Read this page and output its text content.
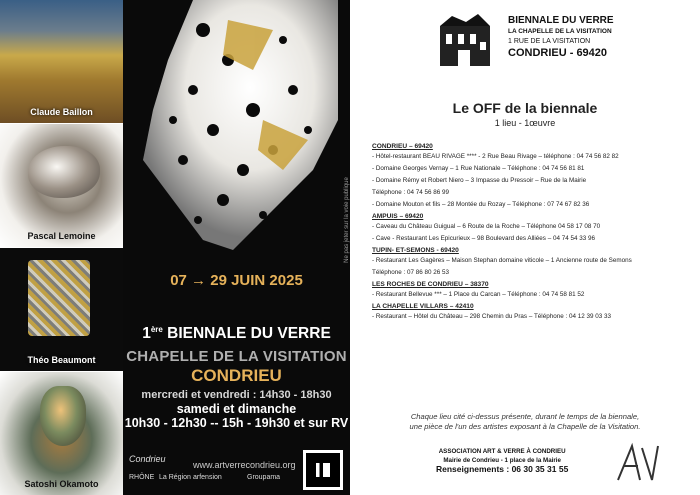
Claude Baillon
Pascal Lemoine
Théo Beaumont
Satoshi Okamoto
07 → 29 JUIN 2025
1ère BIENNALE DU VERRE
CHAPELLE DE LA VISITATION
CONDRIEU
mercredi et vendredi : 14h30 - 18h30
samedi et dimanche
10h30 - 12h30 -- 15h - 19h30 et sur RV
Condrieu
RHÔNE La Région arfension	Groupama
www.artverrecondrieu.org
Ne pas jeter sur la voie publique
BIENNALE DU VERRE
LA CHAPELLE DE LA VISITATION
1 RUE DE LA VISITATION
CONDRIEU - 69420
Le OFF de la biennale
1 lieu - 1œuvre
CONDRIEU – 69420
- Hôtel-restaurant BEAU RIVAGE **** - 2 Rue Beau Rivage – téléphone : 04 74 56 82 82
- Domaine Georges Vernay – 1 Rue Nationale – Téléphone : 04 74 56 81 81
- Domaine Rémy et Robert Niero – 3 Impasse du Pressoir – Rue de la Mairie
Téléphone : 04 74 56 86 99
- Domaine Mouton et fils – 28 Montée du Rozay – Téléphone : 07 74 67 82 36
AMPUIS – 69420
- Caveau du Château Guigual – 6 Route de la Roche – Téléphone 04 58 17 08 70
- Cave - Restaurant Les Epicurieux – 98 Boulevard des Alliées – 04 74 54 33 96
TUPIN- ET-SEMONS - 69420
- Restaurant Les Gagères – Maison Stephan domaine viticole – 1 Ancienne route de Semons
Téléphone : 07 86 80 26 53
LES ROCHES DE CONDRIEU – 38370
- Restaurant Bellevue *** – 1 Place du Carcan – Téléphone : 04 74 58 81 52
LA CHAPELLE VILLARS – 42410
- Restaurant – Hôtel du Château – 298 Chemin du Pras – Téléphone : 04 12 39 03 33
Chaque lieu cité ci-dessus présente, durant le temps de la biennale,
une pièce de l'un des artistes exposant à la Chapelle de la Visitation.
ASSOCIATION ART & VERRE À CONDRIEU
Mairie de Condrieu - 1 place de la Mairie
Renseignements : 06 30 35 31 55
